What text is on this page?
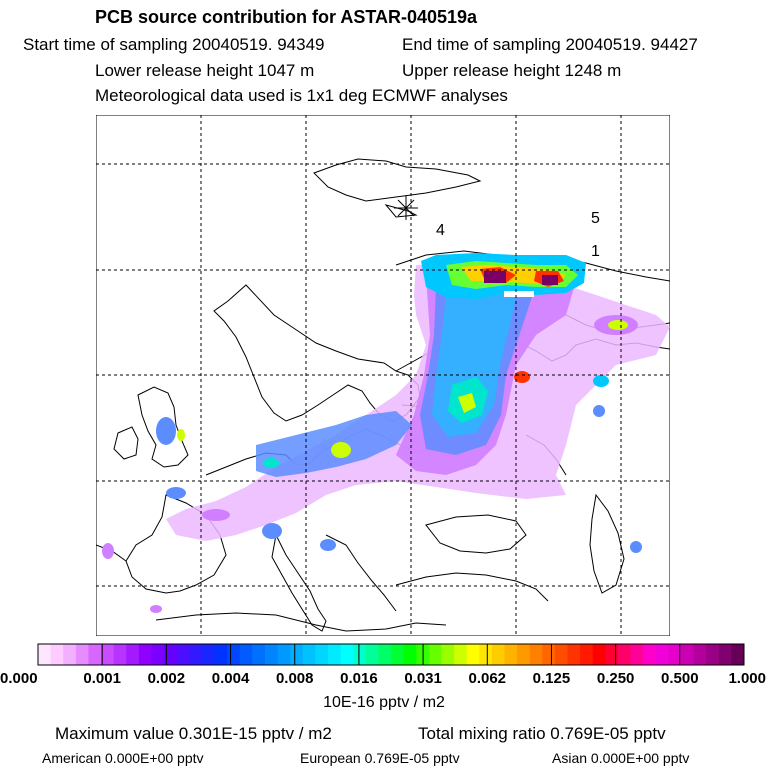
PCB source contribution for ASTAR-040519a
Start time of sampling 20040519. 94349	End time of sampling 20040519. 94427
Lower release height 1047 m	Upper release height 1248 m
Meteorological data used is 1x1 deg ECMWF analyses
4
5
1
0.000	0.001 0.002 0.004 0.008 0.016 0.031 0.062 0.125 0.250 0.500 1.000
10E-16 pptv / m2
Maximum value 0.301E-15 pptv / m2	Total mixing ratio 0.769E-05 pptv
American 0.000E+00 pptv	European 0.769E-05 pptv	Asian 0.000E+00 pptv
